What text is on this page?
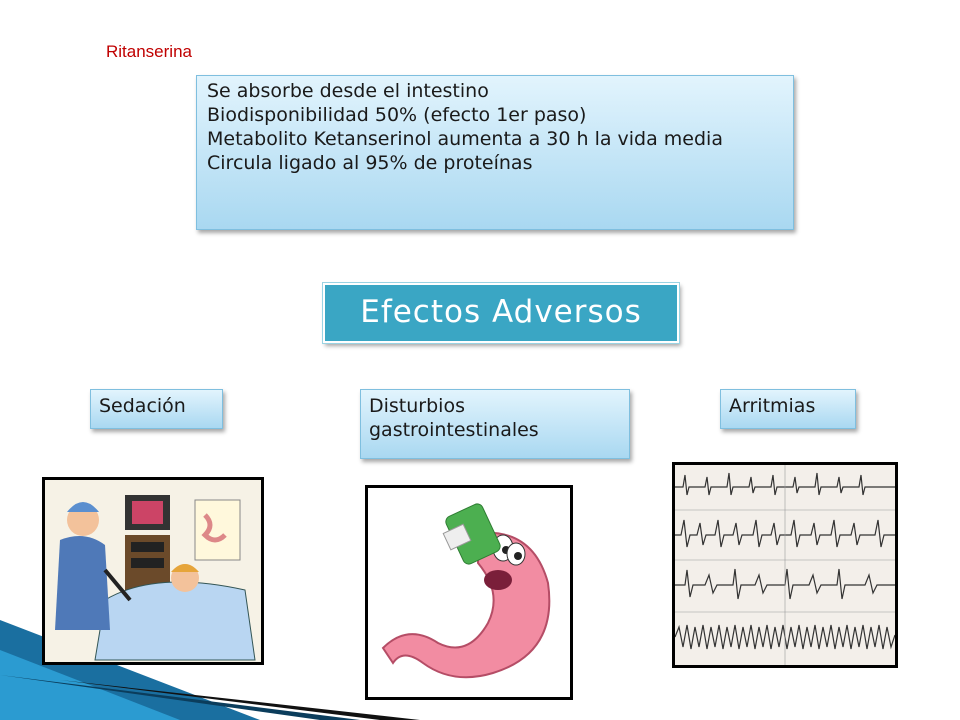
Ritanserina
Se absorbe desde el intestino
Biodisponibilidad 50% (efecto 1er paso)
Metabolito Ketanserinol aumenta a 30 h la vida media
Circula ligado al 95% de proteínas
Efectos Adversos
Sedación	Disturbios gastrointestinales
Arritmias
